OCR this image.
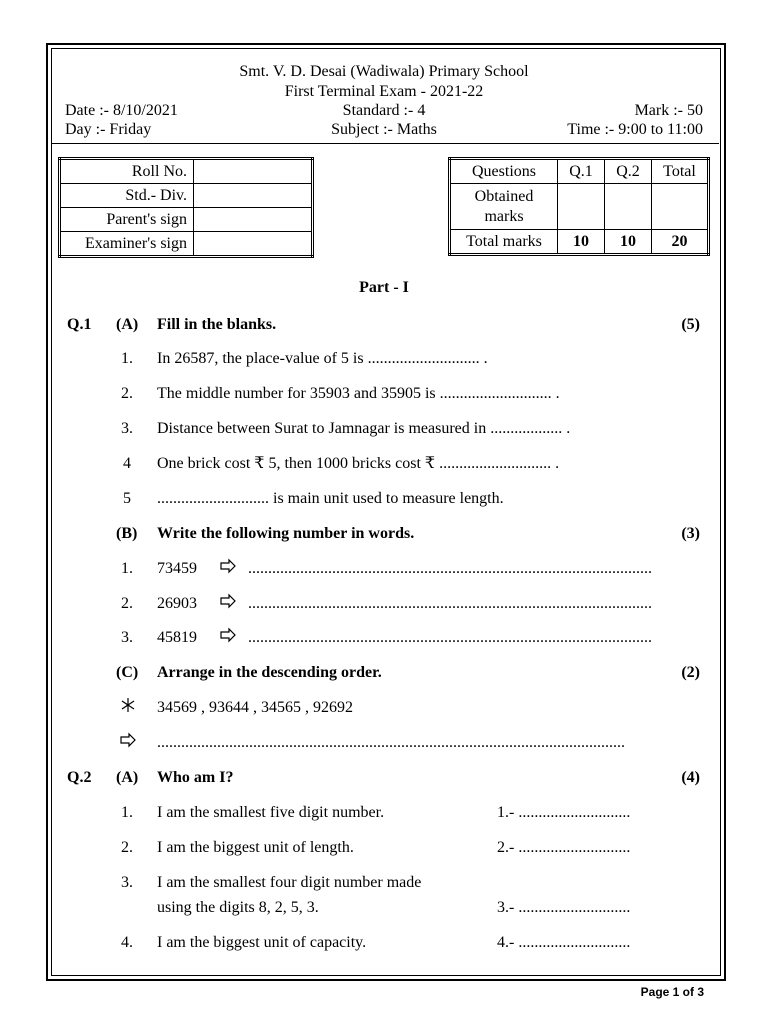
Smt. V. D. Desai (Wadiwala) Primary School
First Terminal Exam - 2021-22
Date :- 8/10/2021	Standard :- 4	Mark :- 50
Day :- Friday	Subject :- Maths	Time :- 9:00 to 11:00
Roll No.	
Std.- Div.	
Parent's sign	
Examiner's sign	
Questions	Q.1	Q.2	Total
Obtained
marks			
Total marks	10	10	20
Part - I
Q.1 (A) Fill in the blanks.	(5)
1. In 26587, the place-value of 5 is ............................ .
2. The middle number for 35903 and 35905 is ............................ .
3. Distance between Surat to Jamnagar is measured in .................. .
4 One brick cost ₹ 5, then 1000 bricks cost ₹ ............................ .
5 ............................ is main unit used to measure length.
(B) Write the following number in words.	(3)
1. 73459	.....................................................................................................
2. 26903	.....................................................................................................
3. 45819	.....................................................................................................
(C) Arrange in the descending order.	(2)
34569 , 93644 , 34565 , 92692
.....................................................................................................................
Q.2 (A) Who am I?	(4)
1. I am the smallest five digit number.	1.- ............................
2. I am the biggest unit of length.	2.- ............................
3. I am the smallest four digit number made
using the digits 8, 2, 5, 3.	3.- ............................
4. I am the biggest unit of capacity.	4.- ............................
Page 1 of 3
